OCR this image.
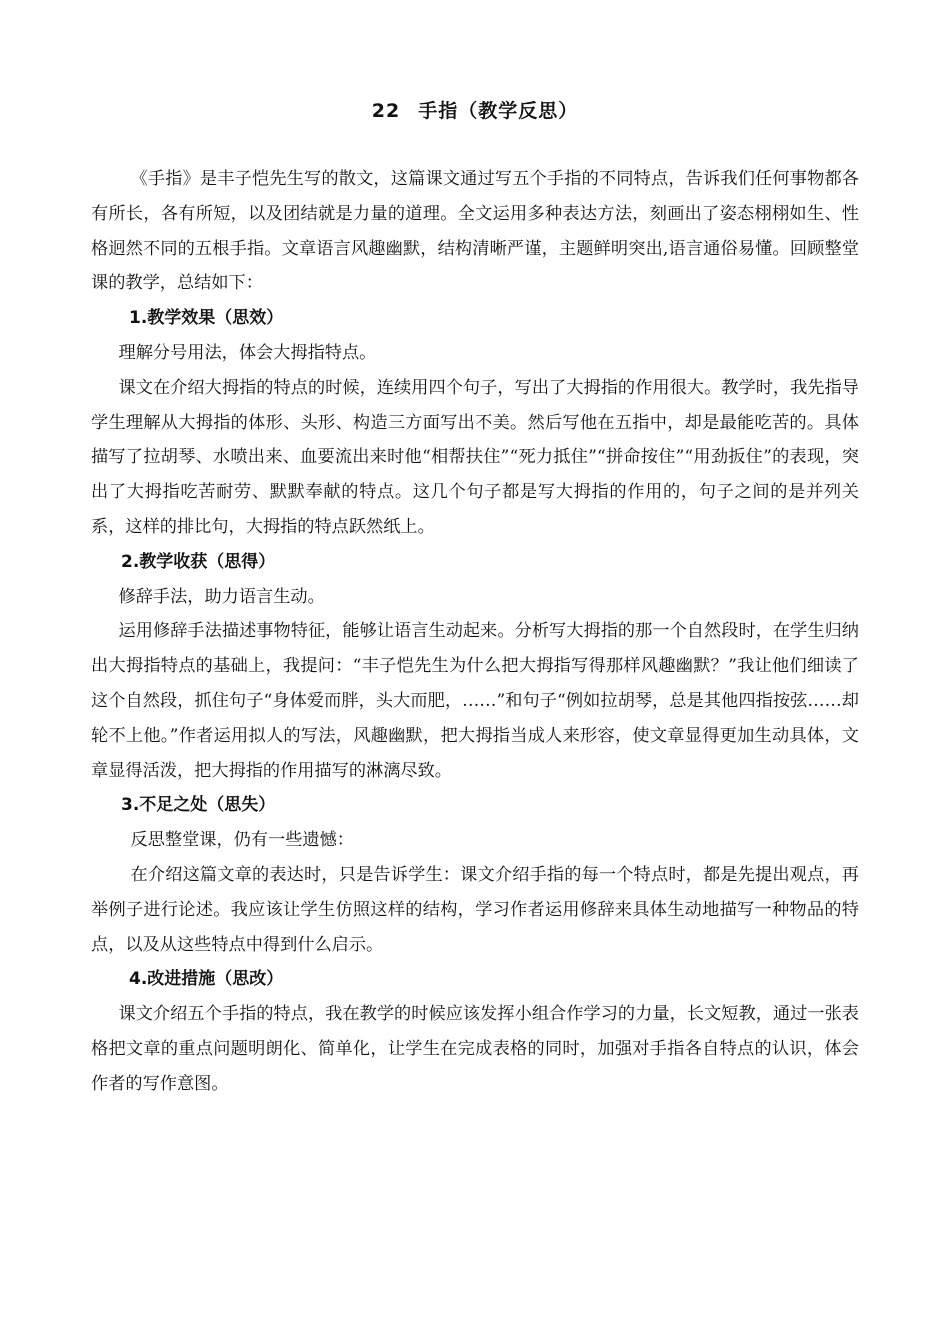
22 手指（教学反思）

《手指》是丰子恺先生写的散文，这篇课文通过写五个手指的不同特点，告诉我们任何事物都各有所长，各有所短，以及团结就是力量的道理。全文运用多种表达方法，刻画出了姿态栩栩如生、性格迥然不同的五根手指。文章语言风趣幽默，结构清晰严谨，主题鲜明突出,语言通俗易懂。回顾整堂课的教学，总结如下：

1.教学效果（思效）

理解分号用法，体会大拇指特点。

课文在介绍大拇指的特点的时候，连续用四个句子，写出了大拇指的作用很大。教学时，我先指导学生理解从大拇指的体形、头形、构造三方面写出不美。然后写他在五指中，却是最能吃苦的。具体描写了拉胡琴、水喷出来、血要流出来时他“相帮扶住”“死力抵住”“拼命按住”“用劲扳住”的表现，突出了大拇指吃苦耐劳、默默奉献的特点。这几个句子都是写大拇指的作用的，句子之间的是并列关系，这样的排比句，大拇指的特点跃然纸上。

2.教学收获（思得）

修辞手法，助力语言生动。

运用修辞手法描述事物特征，能够让语言生动起来。分析写大拇指的那一个自然段时，在学生归纳出大拇指特点的基础上，我提问：“丰子恺先生为什么把大拇指写得那样风趣幽默？”我让他们细读了这个自然段，抓住句子“身体爱而胖，头大而肥，……”和句子“例如拉胡琴，总是其他四指按弦……却轮不上他。”作者运用拟人的写法，风趣幽默，把大拇指当成人来形容，使文章显得更加生动具体，文章显得活泼，把大拇指的作用描写的淋漓尽致。

3.不足之处（思失）

反思整堂课，仍有一些遗憾：

在介绍这篇文章的表达时，只是告诉学生：课文介绍手指的每一个特点时，都是先提出观点，再举例子进行论述。我应该让学生仿照这样的结构，学习作者运用修辞来具体生动地描写一种物品的特点，以及从这些特点中得到什么启示。

4.改进措施（思改）

课文介绍五个手指的特点，我在教学的时候应该发挥小组合作学习的力量，长文短教，通过一张表格把文章的重点问题明朗化、简单化，让学生在完成表格的同时，加强对手指各自特点的认识，体会作者的写作意图。
